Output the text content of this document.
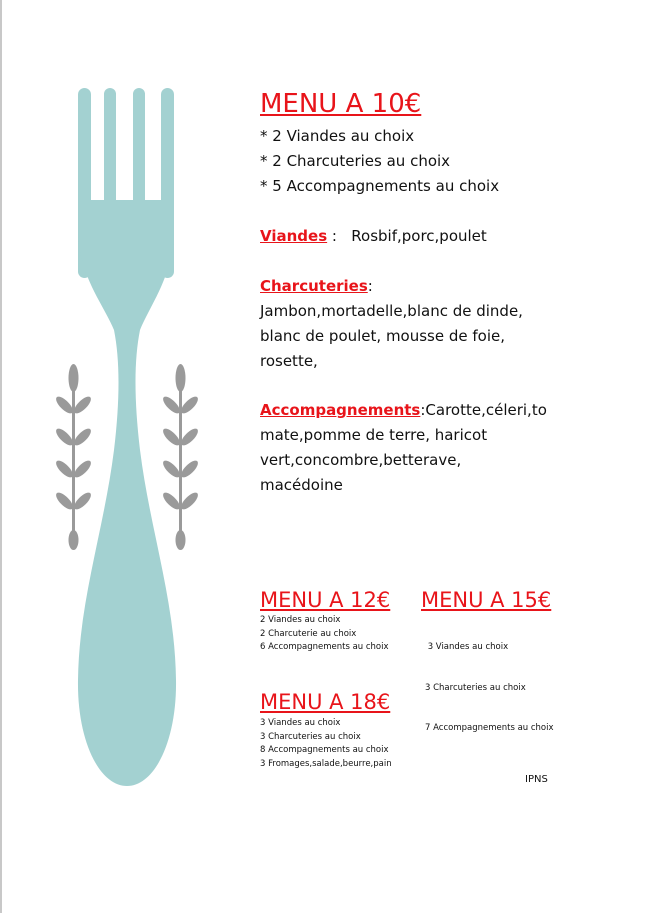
MENU A 10€
* 2 Viandes au choix
* 2 Charcuteries au choix
* 5 Accompagnements au choix
Viandes : Rosbif,porc,poulet
Charcuteries:
Jambon,mortadelle,blanc de dinde,
blanc de poulet, mousse de foie,
rosette,
Accompagnements:Carotte,céleri,to
mate,pomme de terre, haricot
vert,concombre,betterave,
macédoine
MENU A 12€
2 Viandes au choix
2 Charcuterie au choix
6 Accompagnements au choix
MENU A 15€

3 Viandes au choix

3 Charcuteries au choix

7 Accompagnements au choix

MENU A 18€
3 Viandes au choix
3 Charcuteries au choix
8 Accompagnements au choix
3 Fromages,salade,beurre,pain
IPNS
